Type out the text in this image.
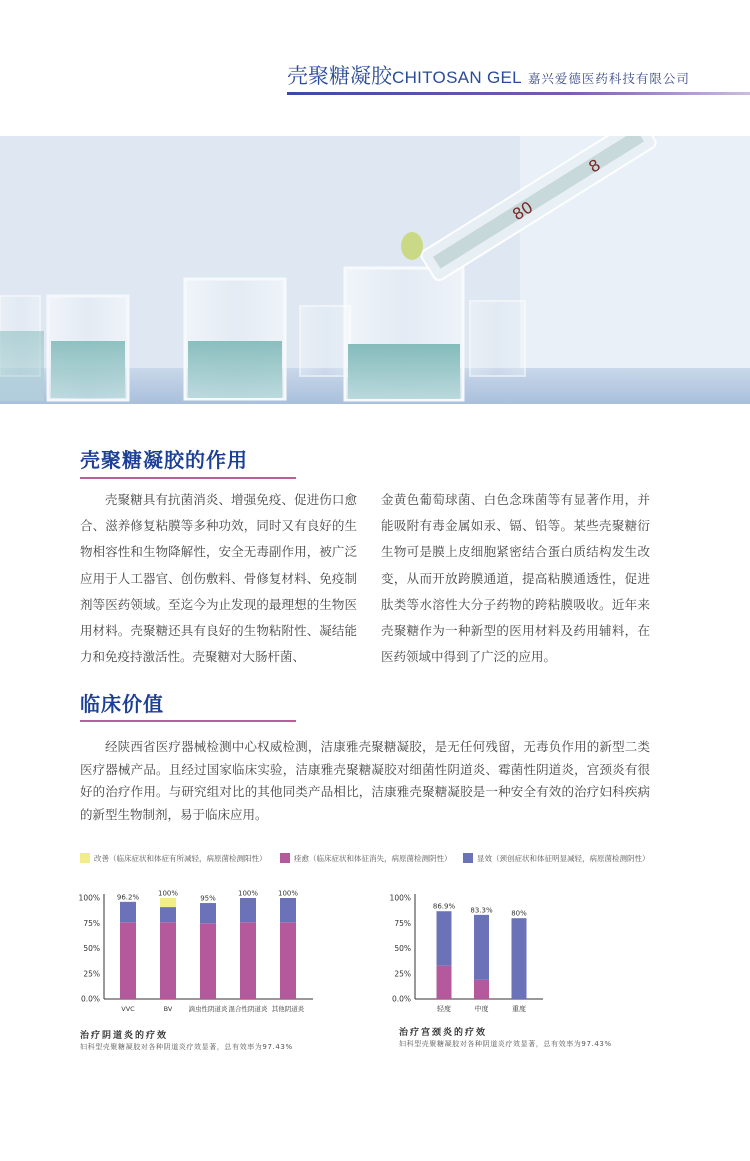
壳聚糖凝胶CHITOSAN GEL 嘉兴爱德医药科技有限公司
80
8
壳聚糖凝胶的作用
壳聚糖具有抗菌消炎、增强免疫、促进伤口愈合、滋养修复粘膜等多种功效，同时又有良好的生物相容性和生物降解性，安全无毒副作用，被广泛应用于人工器官、创伤敷料、骨修复材料、免疫制剂等医药领域。至迄今为止发现的最理想的生物医用材料。壳聚糖还具有良好的生物粘附性、凝结能力和免疫持激活性。壳聚糖对大肠杆菌、
金黄色葡萄球菌、白色念珠菌等有显著作用，并能吸附有毒金属如汞、镉、铅等。某些壳聚糖衍生物可是膜上皮细胞紧密结合蛋白质结构发生改变，从而开放跨膜通道，提高粘膜通透性，促进肽类等水溶性大分子药物的跨粘膜吸收。近年来壳聚糖作为一种新型的医用材料及药用辅料，在医药领域中得到了广泛的应用。
临床价值
经陕西省医疗器械检测中心权威检测，洁康雅壳聚糖凝胶，是无任何残留，无毒负作用的新型二类医疗器械产品。且经过国家临床实验，洁康雅壳聚糖凝胶对细菌性阴道炎、霉菌性阴道炎，宫颈炎有很好的治疗作用。与研究组对比的其他同类产品相比，洁康雅壳聚糖凝胶是一种安全有效的治疗妇科疾病的新型生物制剂，易于临床应用。
改善（临床症状和体症有所减轻，病原菌检测阳性）	痊愈（临床症状和体征消失，病原菌检测阴性）	显效（颈创症状和体征明显减轻，病原菌检测阴性）
0.0%
25%
50%
75%
100% 96.2%
VVC
100%
BV
95%
滴虫性阴道炎
100%
混合性阴道炎
100%
其他阴道炎
0.0%
25%
50%
75%
100%
86.9%
轻度
83.3%
中度
80%
重度
治疗阴道炎的疗效
妇科型壳聚糖凝胶对各种阴道炎疗效显著，总有效率为97.43%
治疗宫颈炎的疗效
妇科型壳聚糖凝胶对各种阴道炎疗效显著，总有效率为97.43%
